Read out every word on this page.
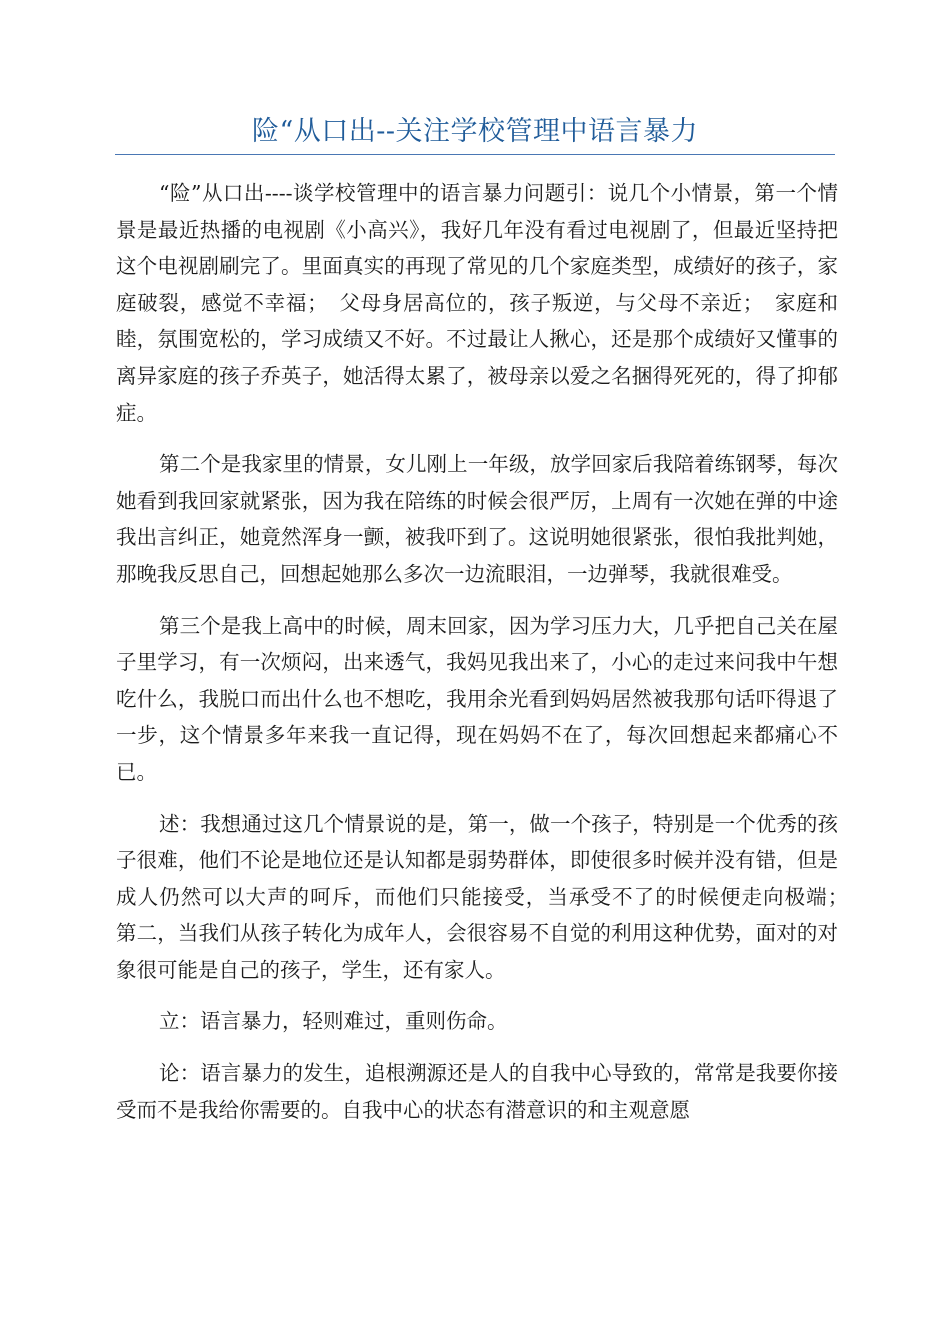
险“从口出--关注学校管理中语言暴力

“险”从口出----谈学校管理中的语言暴力问题引：说几个小情景，第一个情景是最近热播的电视剧《小高兴》，我好几年没有看过电视剧了，但最近坚持把这个电视剧刷完了。里面真实的再现了常见的几个家庭类型，成绩好的孩子，家庭破裂，感觉不幸福；　父母身居高位的，孩子叛逆，与父母不亲近；　家庭和睦，氛围宽松的，学习成绩又不好。不过最让人揪心，还是那个成绩好又懂事的离异家庭的孩子乔英子，她活得太累了，被母亲以爱之名捆得死死的，得了抑郁症。

第二个是我家里的情景，女儿刚上一年级，放学回家后我陪着练钢琴，每次她看到我回家就紧张，因为我在陪练的时候会很严厉，上周有一次她在弹的中途我出言纠正，她竟然浑身一颤，被我吓到了。这说明她很紧张，很怕我批判她，那晚我反思自己，回想起她那么多次一边流眼泪，一边弹琴，我就很难受。

第三个是我上高中的时候，周末回家，因为学习压力大，几乎把自己关在屋子里学习，有一次烦闷，出来透气，我妈见我出来了，小心的走过来问我中午想吃什么，我脱口而出什么也不想吃，我用余光看到妈妈居然被我那句话吓得退了一步，这个情景多年来我一直记得，现在妈妈不在了，每次回想起来都痛心不已。

述：我想通过这几个情景说的是，第一，做一个孩子，特别是一个优秀的孩子很难，他们不论是地位还是认知都是弱势群体，即使很多时候并没有错，但是成人仍然可以大声的呵斥，而他们只能接受，当承受不了的时候便走向极端；　第二，当我们从孩子转化为成年人，会很容易不自觉的利用这种优势，面对的对象很可能是自己的孩子，学生，还有家人。

立：语言暴力，轻则难过，重则伤命。

论：语言暴力的发生，追根溯源还是人的自我中心导致的，常常是我要你接受而不是我给你需要的。自我中心的状态有潜意识的和主观意愿
